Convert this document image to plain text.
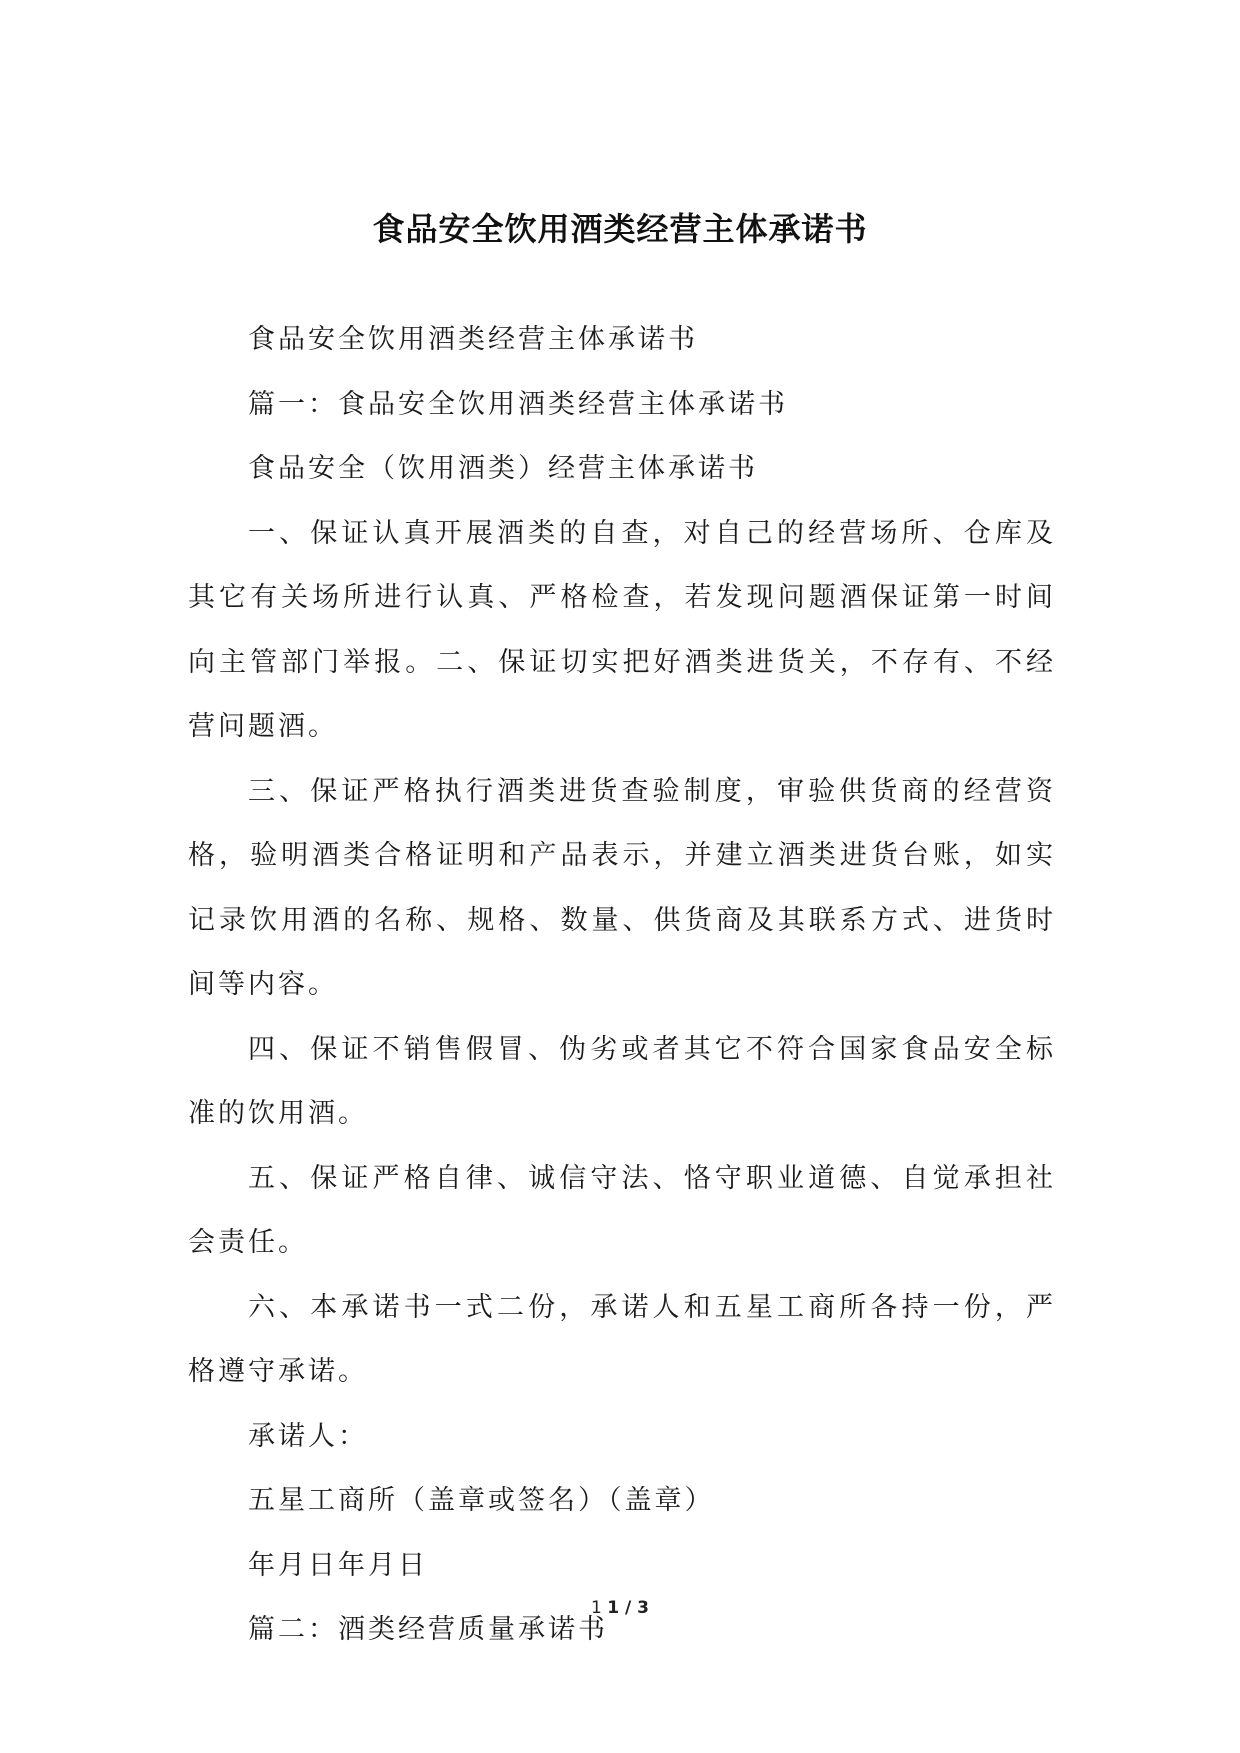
食品安全饮用酒类经营主体承诺书

食品安全饮用酒类经营主体承诺书

篇一：食品安全饮用酒类经营主体承诺书

食品安全（饮用酒类）经营主体承诺书

一、保证认真开展酒类的自查，对自己的经营场所、仓库及其它有关场所进行认真、严格检查，若发现问题酒保证第一时间向主管部门举报。二、保证切实把好酒类进货关，不存有、不经营问题酒。

三、保证严格执行酒类进货查验制度，审验供货商的经营资格，验明酒类合格证明和产品表示，并建立酒类进货台账，如实记录饮用酒的名称、规格、数量、供货商及其联系方式、进货时间等内容。

四、保证不销售假冒、伪劣或者其它不符合国家食品安全标准的饮用酒。

五、保证严格自律、诚信守法、恪守职业道德、自觉承担社会责任。

六、本承诺书一式二份，承诺人和五星工商所各持一份，严格遵守承诺。

承诺人：

五星工商所（盖章或签名）（盖章）

年月日年月日

篇二：酒类经营质量承诺书

1 1 / 3
